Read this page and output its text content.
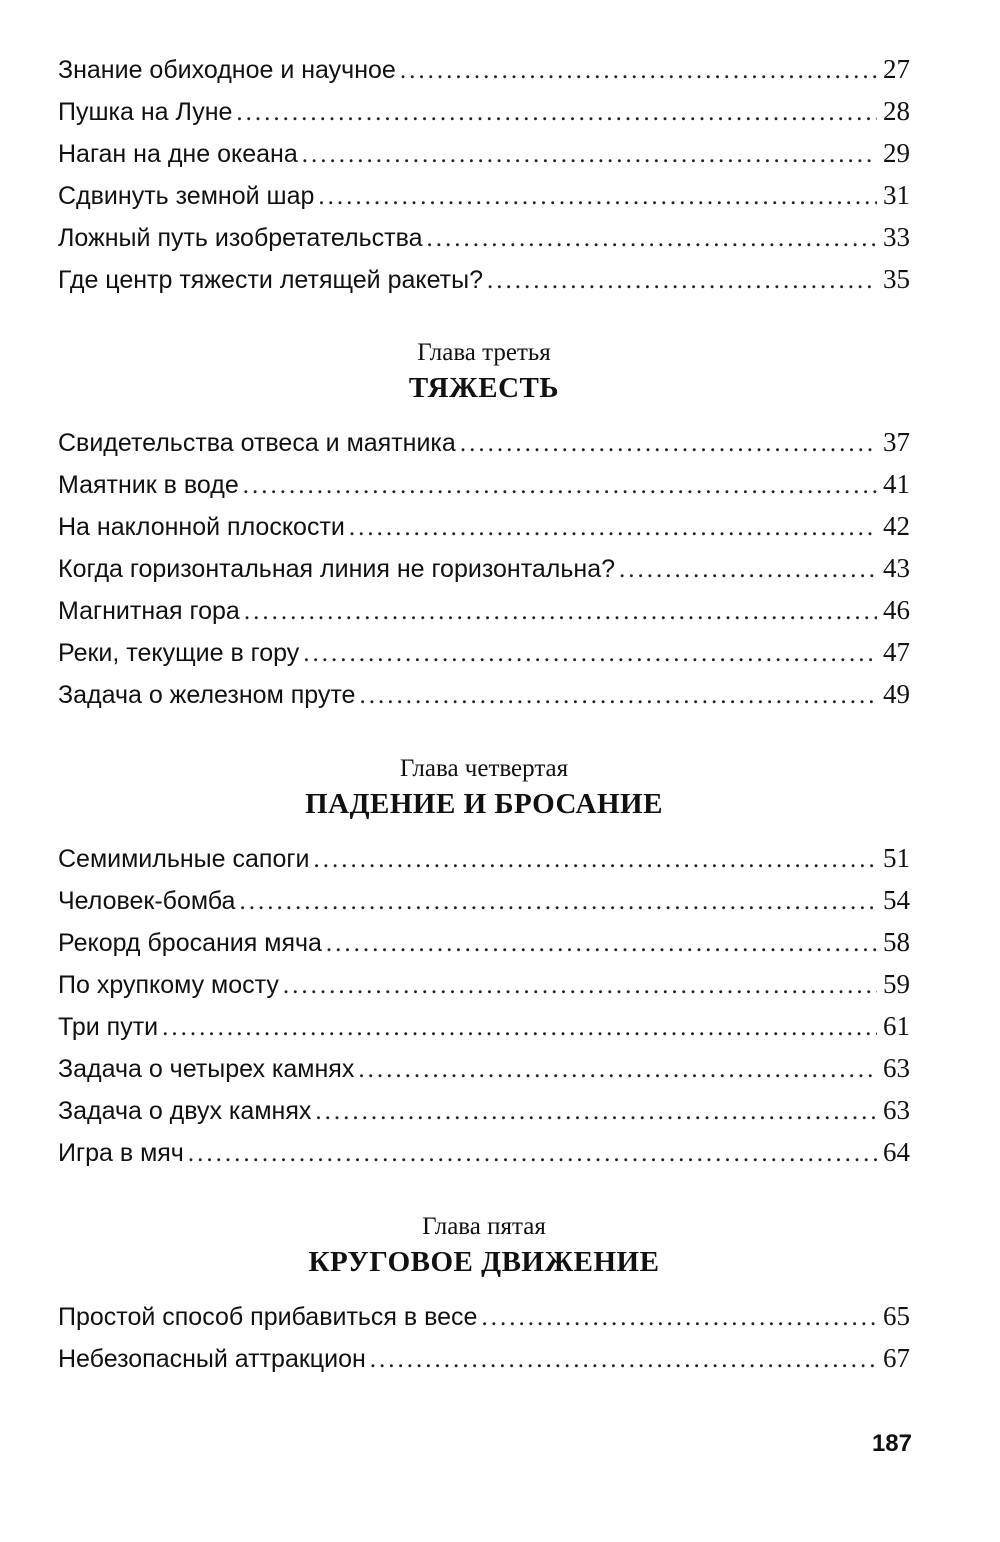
Знание обиходное и научное .....	27
Пушка на Луне .....	28
Наган на дне океана .....	29
Сдвинуть земной шар .....	31
Ложный путь изобретательства .....	33
Где центр тяжести летящей ракеты? .....	35
Глава третья
ТЯЖЕСТЬ
Свидетельства отвеса и маятника .....	37
Маятник в воде .....	41
На наклонной плоскости .....	42
Когда горизонтальная линия не горизонтальна? .....	43
Магнитная гора .....	46
Реки, текущие в гору .....	47
Задача о железном пруте .....	49
Глава четвертая
ПАДЕНИЕ И БРОСАНИЕ
Семимильные сапоги .....	51
Человек-бомба .....	54
Рекорд бросания мяча .....	58
По хрупкому мосту .....	59
Три пути .....	61
Задача о четырех камнях .....	63
Задача о двух камнях .....	63
Игра в мяч .....	64
Глава пятая
КРУГОВОЕ ДВИЖЕНИЕ
Простой способ прибавиться в весе .....	65
Небезопасный аттракцион .....	67
187
